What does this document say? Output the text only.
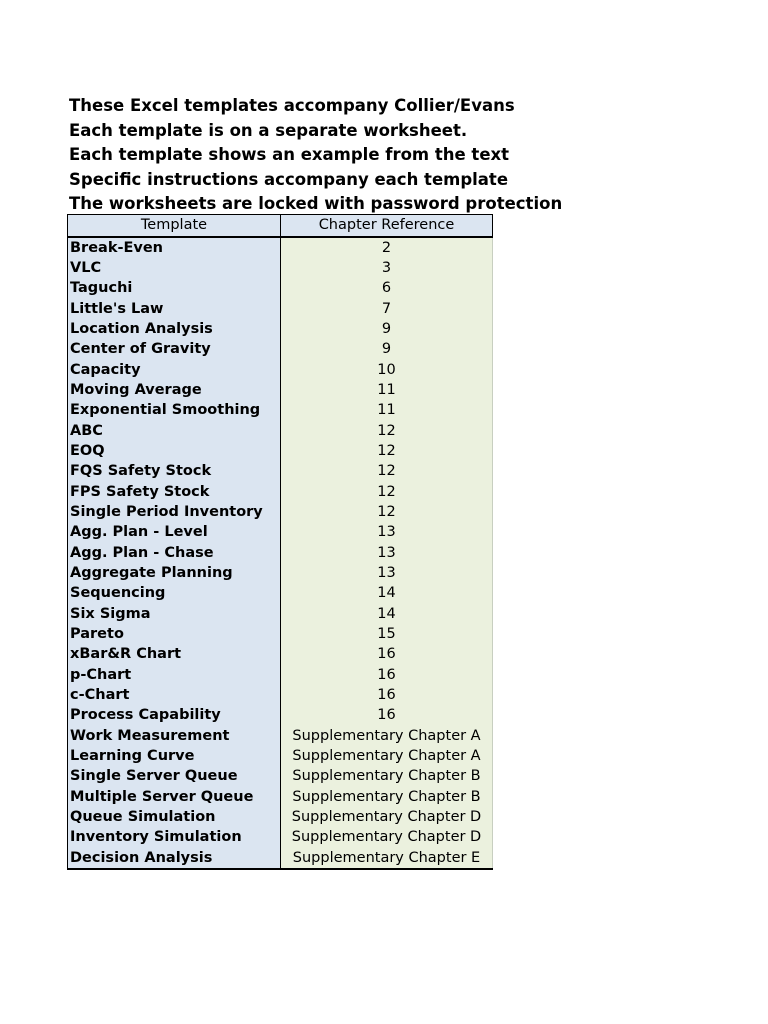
These Excel templates accompany Collier/Evans
Each template is on a separate worksheet.
Each template shows an example from the text
Specific instructions accompany each template
The worksheets are locked with password protection
Template	Chapter Reference
Break-Even	2
VLC	3
Taguchi	6
Little's Law	7
Location Analysis	9
Center of Gravity	9
Capacity	10
Moving Average	11
Exponential Smoothing	11
ABC	12
EOQ	12
FQS Safety Stock	12
FPS Safety Stock	12
Single Period Inventory	12
Agg. Plan - Level	13
Agg. Plan - Chase	13
Aggregate Planning	13
Sequencing	14
Six Sigma	14
Pareto	15
xBar&R Chart	16
p-Chart	16
c-Chart	16
Process Capability	16
Work Measurement	Supplementary Chapter A
Learning Curve	Supplementary Chapter A
Single Server Queue	Supplementary Chapter B
Multiple Server Queue	Supplementary Chapter B
Queue Simulation	Supplementary Chapter D
Inventory Simulation	Supplementary Chapter D
Decision Analysis	Supplementary Chapter E
